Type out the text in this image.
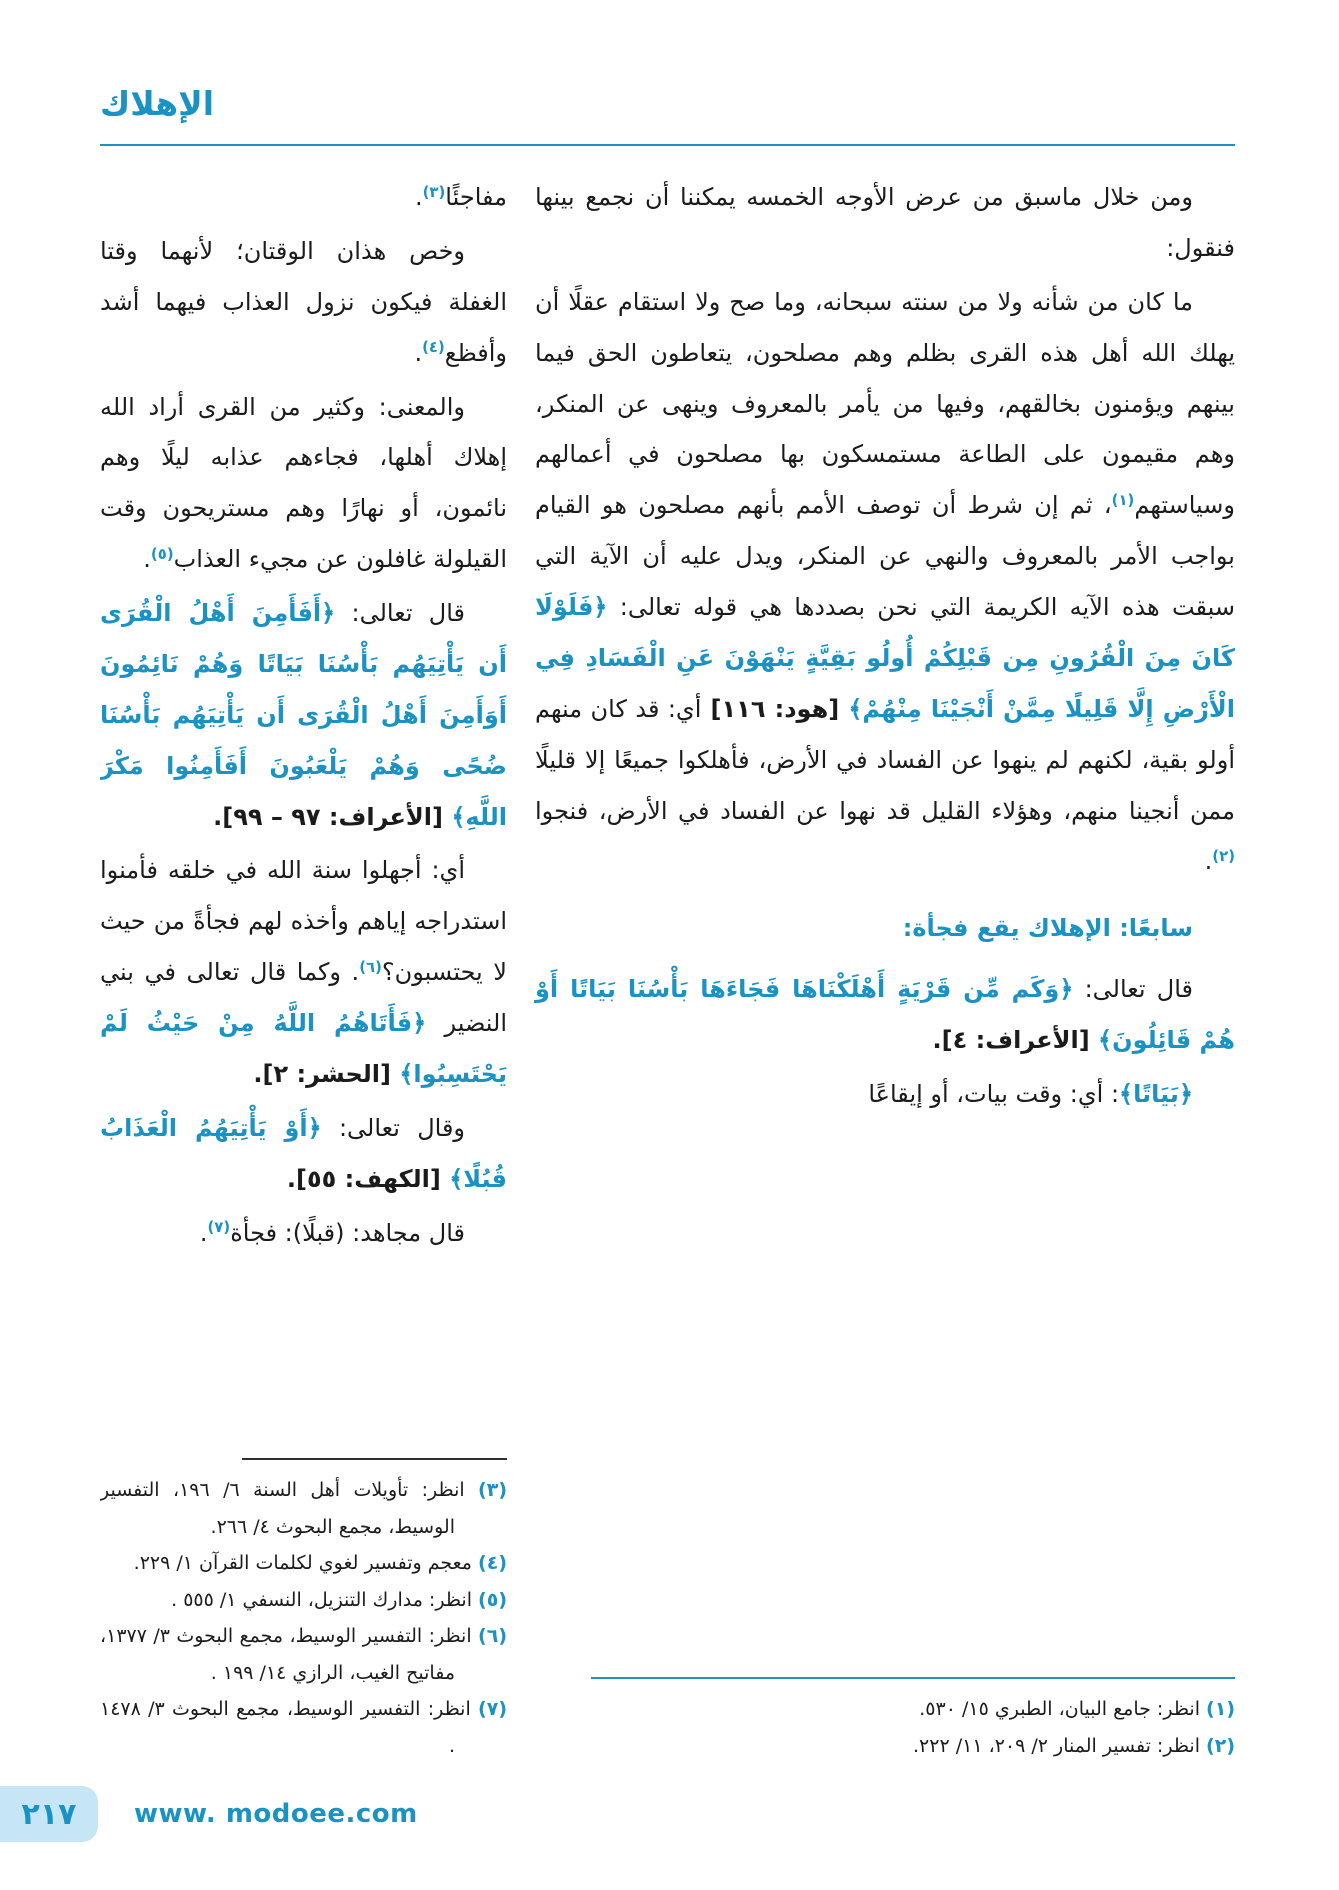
الإهلاك

ومن خلال ماسبق من عرض الأوجه الخمسه يمكننا أن نجمع بينها فنقول:

ما كان من شأنه ولا من سنته سبحانه، وما صح ولا استقام عقلًا أن يهلك الله أهل هذه القرى بظلم وهم مصلحون، يتعاطون الحق فيما بينهم ويؤمنون بخالقهم، وفيها من يأمر بالمعروف وينهى عن المنكر، وهم مقيمون على الطاعة مستمسكون بها مصلحون في أعمالهم وسياستهم$^{(١)}$، ثم إن شرط أن توصف الأمم بأنهم مصلحون هو القيام بواجب الأمر بالمعروف والنهي عن المنكر، ويدل عليه أن الآية التي سبقت هذه الآيه الكريمة التي نحن بصددها هي قوله تعالى: ﴿فَلَوْلَا كَانَ مِنَ الْقُرُونِ مِن قَبْلِكُمْ أُولُو بَقِيَّةٍ يَنْهَوْنَ عَنِ الْفَسَادِ فِي الْأَرْضِ إِلَّا قَلِيلًا مِمَّنْ أَنْجَيْنَا مِنْهُمْ﴾ [هود: ١١٦] أي: قد كان منهم أولو بقية، لكنهم لم ينهوا عن الفساد في الأرض، فأهلكوا جميعًا إلا قليلًا ممن أنجينا منهم، وهؤلاء القليل قد نهوا عن الفساد في الأرض، فنجوا $^{(٢)}$.

سابعًا: الإهلاك يقع فجأة:

قال تعالى: ﴿وَكَم مِّن قَرْيَةٍ أَهْلَكْنَاهَا فَجَاءَهَا بَأْسُنَا بَيَاتًا أَوْ هُمْ قَائِلُونَ﴾ [الأعراف: ٤].

﴿بَيَاتًا﴾: أي: وقت بيات، أو إيقاعًا

(١) انظر: جامع البيان، الطبري ١٥/ ٥٣٠.

(٢) انظر: تفسير المنار ٢/ ٢٠٩، ١١/ ٢٢٢.

مفاجئًا$^{(٣)}$.

وخص هذان الوقتان؛ لأنهما وقتا الغفلة فيكون نزول العذاب فيهما أشد وأفظع$^{(٤)}$.

والمعنى: وكثير من القرى أراد الله إهلاك أهلها، فجاءهم عذابه ليلًا وهم نائمون، أو نهارًا وهم مستريحون وقت القيلولة غافلون عن مجيء العذاب$^{(٥)}$.

قال تعالى: ﴿أَفَأَمِنَ أَهْلُ الْقُرَى أَن يَأْتِيَهُم بَأْسُنَا بَيَاتًا وَهُمْ نَائِمُونَ أَوَأَمِنَ أَهْلُ الْقُرَى أَن يَأْتِيَهُم بَأْسُنَا ضُحًى وَهُمْ يَلْعَبُونَ أَفَأَمِنُوا مَكْرَ اللَّهِ﴾ [الأعراف: ٩٧ – ٩٩].

أي: أجهلوا سنة الله في خلقه فأمنوا استدراجه إياهم وأخذه لهم فجأةً من حيث لا يحتسبون؟$^{(٦)}$. وكما قال تعالى في بني النضير ﴿فَأَتَاهُمُ اللَّهُ مِنْ حَيْثُ لَمْ يَحْتَسِبُوا﴾ [الحشر: ٢].

وقال تعالى: ﴿أَوْ يَأْتِيَهُمُ الْعَذَابُ قُبُلًا﴾ [الكهف: ٥٥].

قال مجاهد: (قبلًا): فجأة$^{(٧)}$.

(٣) انظر: تأويلات أهل السنة ٦/ ١٩٦، التفسير الوسيط، مجمع البحوث ٤/ ٢٦٦.

(٤) معجم وتفسير لغوي لكلمات القرآن ١/ ٢٢٩.

(٥) انظر: مدارك التنزيل، النسفي ١/ ٥٥٥ .

(٦) انظر: التفسير الوسيط، مجمع البحوث ٣/ ١٣٧٧، مفاتيح الغيب، الرازي ١٤/ ١٩٩ .

(٧) انظر: التفسير الوسيط، مجمع البحوث ٣/ ١٤٧٨ .

٢١٧ www. modoee.com
